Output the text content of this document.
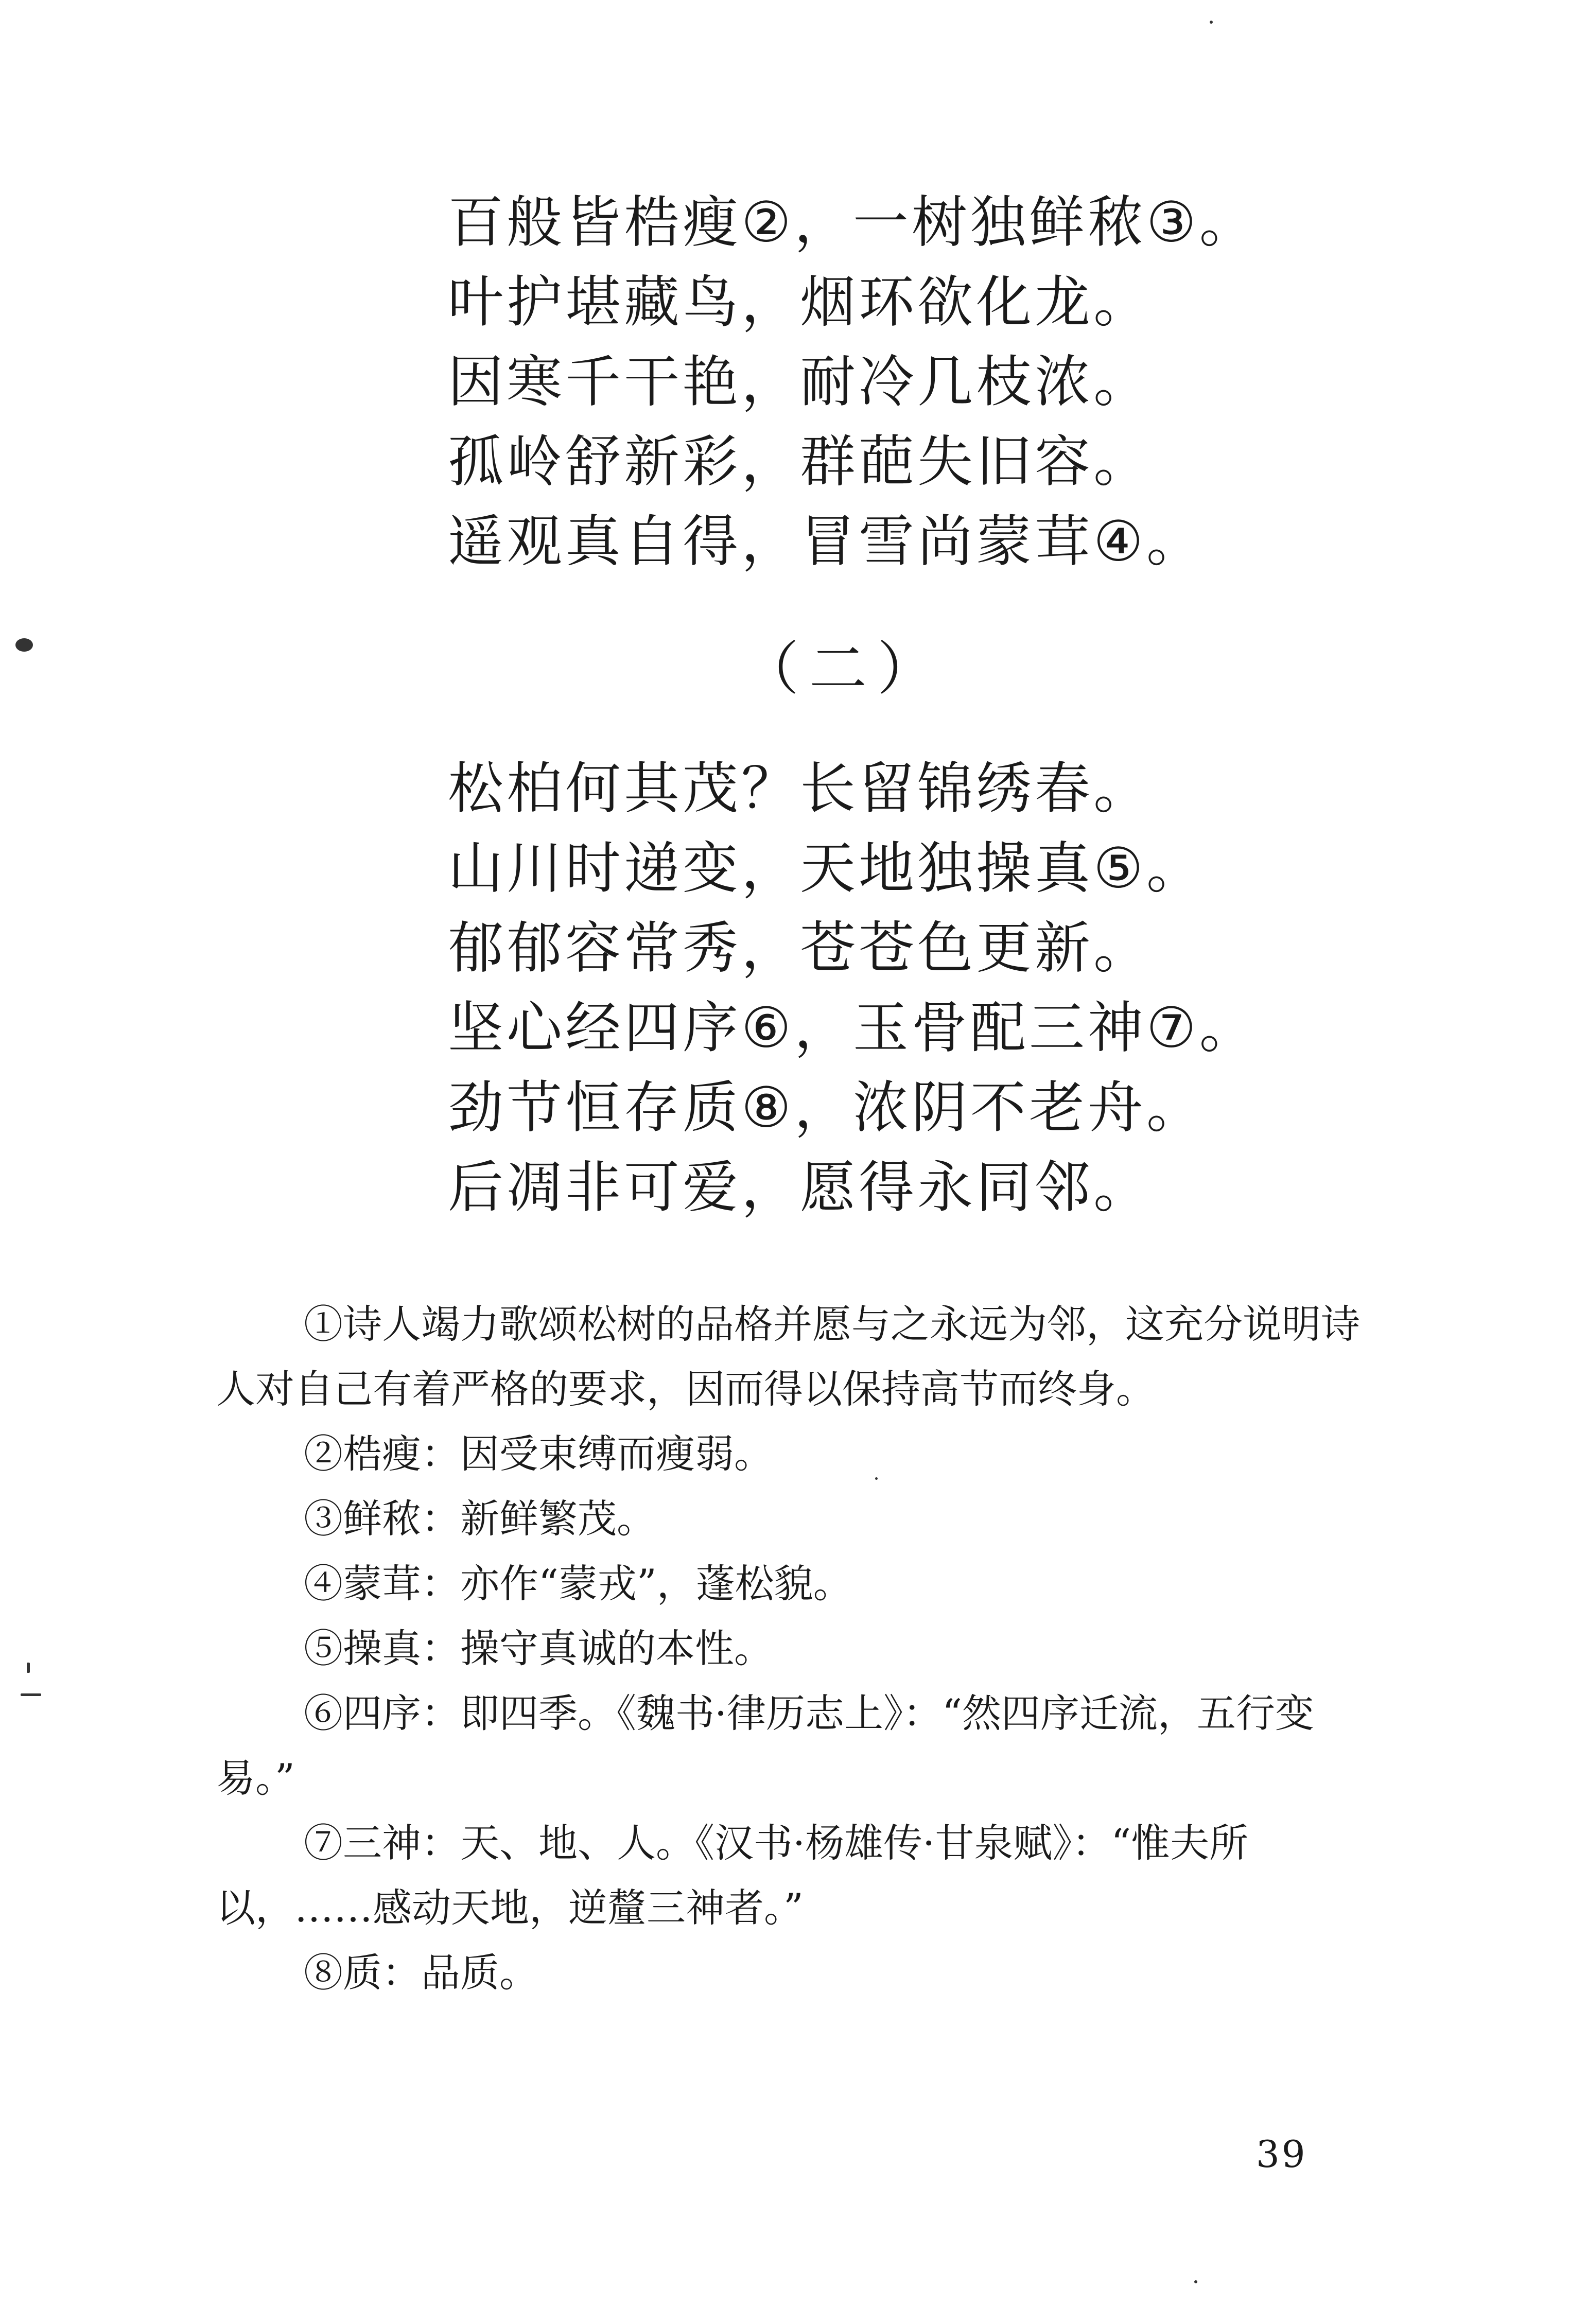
百般皆梏瘦②，一树独鲜秾③。
叶护堪藏鸟，烟环欲化龙。
因寒千干艳，耐冷几枝浓。
孤岭舒新彩，群葩失旧容。
遥观真自得，冒雪尚蒙茸④。
（二）
松柏何其茂？长留锦绣春。
山川时递变，天地独操真⑤。
郁郁容常秀，苍苍色更新。
坚心经四序⑥，玉骨配三神⑦。
劲节恒存质⑧，浓阴不老舟。
后凋非可爱，愿得永同邻。

①诗人竭力歌颂松树的品格并愿与之永远为邻，这充分说明诗人对自己有着严格的要求，因而得以保持高节而终身。

②梏瘦：因受束缚而瘦弱。

③鲜秾：新鲜繁茂。

④蒙茸：亦作“蒙戎”，蓬松貌。

⑤操真：操守真诚的本性。

⑥四序：即四季。《魏书·律历志上》：“然四序迁流，五行变易。”

⑦三神：天、地、人。《汉书·杨雄传·甘泉赋》：“惟夫所以，……感动天地，逆釐三神者。”

⑧质：品质。

39
